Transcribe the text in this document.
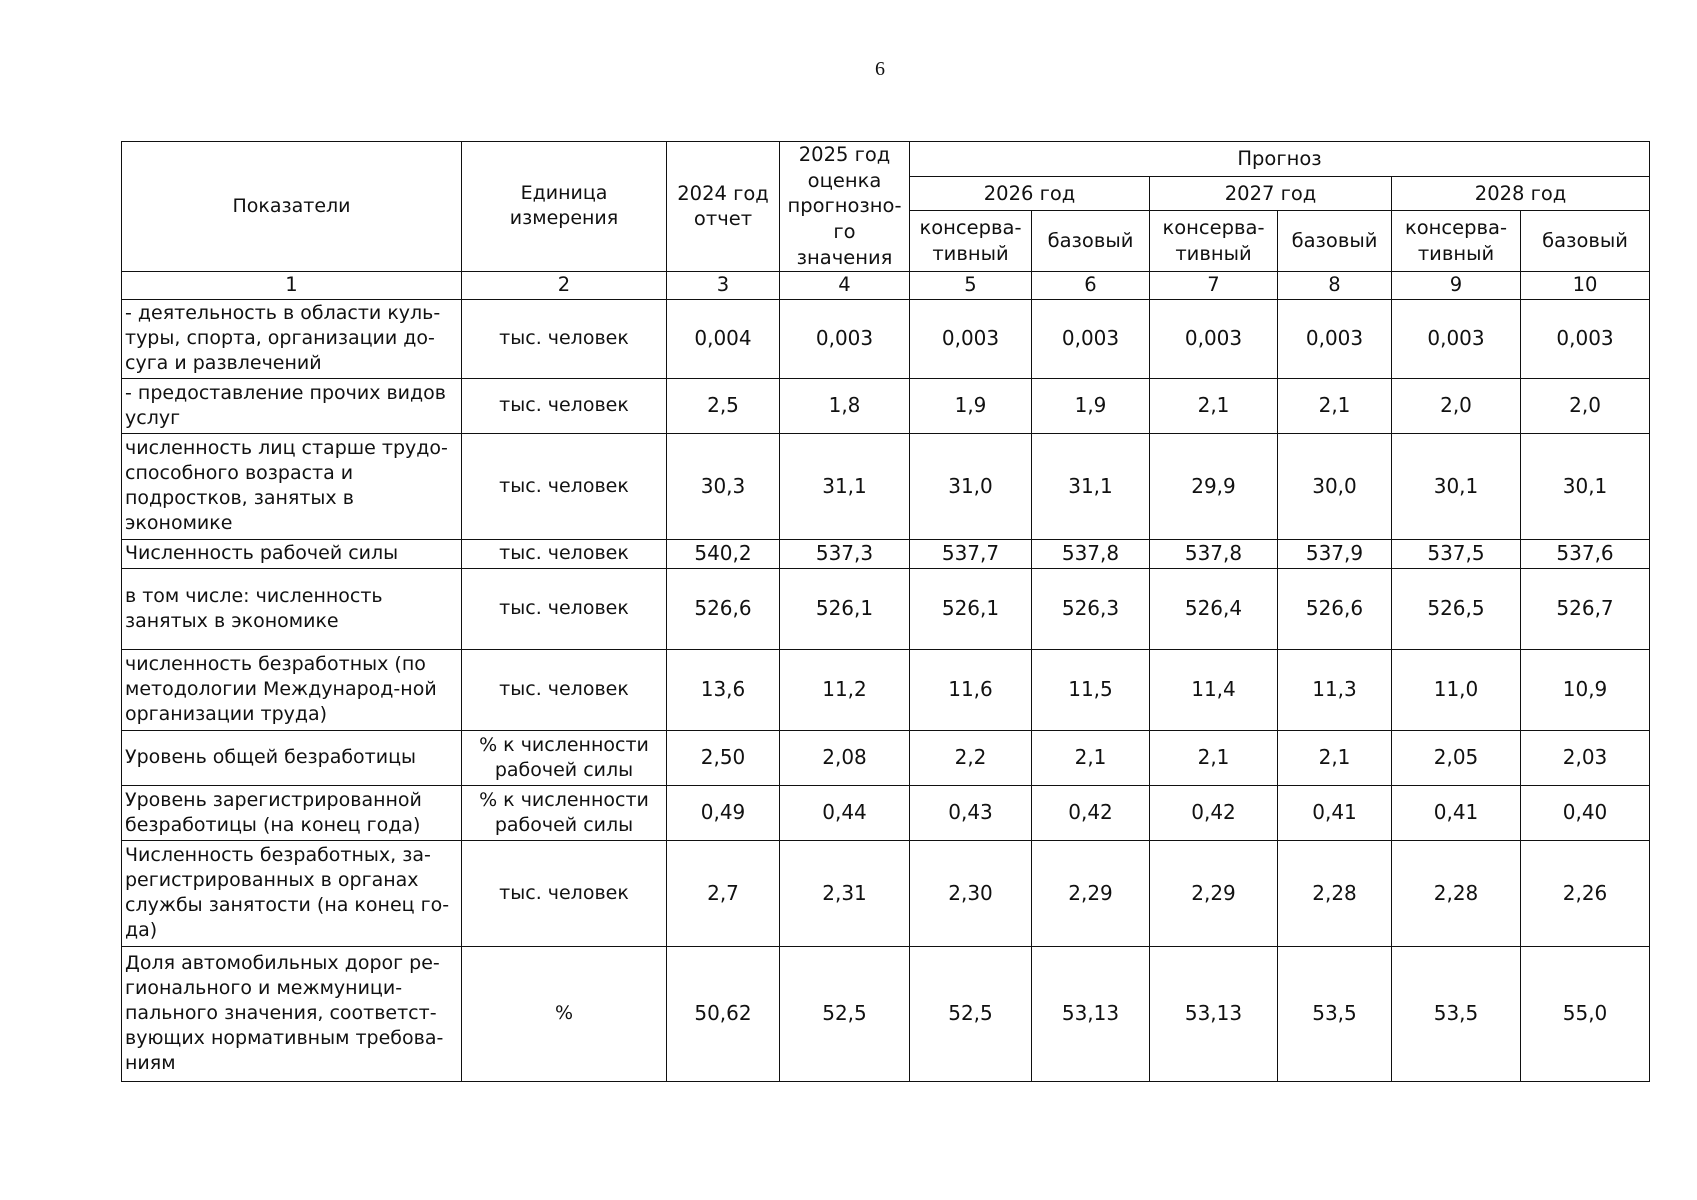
6
Показатели	Единица измерения	2024 год отчет	2025 год оценка прогнозно-го значения	Прогноз					
				2026 год		2027 год		2028 год	
				консерва-тивный	базовый	консерва-тивный	базовый	консерва-тивный	базовый
1	2	3	4	5	6	7	8	9	10
- деятельность в области куль-туры, спорта, организации до-суга и развлечений	тыс. человек	0,004	0,003	0,003	0,003	0,003	0,003	0,003	0,003
- предоставление прочих видов услуг	тыс. человек	2,5	1,8	1,9	1,9	2,1	2,1	2,0	2,0
численность лиц старше трудо-способного возраста и подростков, занятых в экономике	тыс. человек	30,3	31,1	31,0	31,1	29,9	30,0	30,1	30,1
Численность рабочей силы	тыс. человек	540,2	537,3	537,7	537,8	537,8	537,9	537,5	537,6
в том числе: численность занятых в экономике	тыс. человек	526,6	526,1	526,1	526,3	526,4	526,6	526,5	526,7
численность безработных (по методологии Международ-ной организации труда)	тыс. человек	13,6	11,2	11,6	11,5	11,4	11,3	11,0	10,9
Уровень общей безработицы	% к численности рабочей силы	2,50	2,08	2,2	2,1	2,1	2,1	2,05	2,03
Уровень зарегистрированной безработицы (на конец года)	% к численности рабочей силы	0,49	0,44	0,43	0,42	0,42	0,41	0,41	0,40
Численность безработных, за-регистрированных в органах службы занятости (на конец го-да)	тыс. человек	2,7	2,31	2,30	2,29	2,29	2,28	2,28	2,26
Доля автомобильных дорог ре-гионального и межмуници-пального значения, соответст-вующих нормативным требова-ниям	%	50,62	52,5	52,5	53,13	53,13	53,5	53,5	55,0
